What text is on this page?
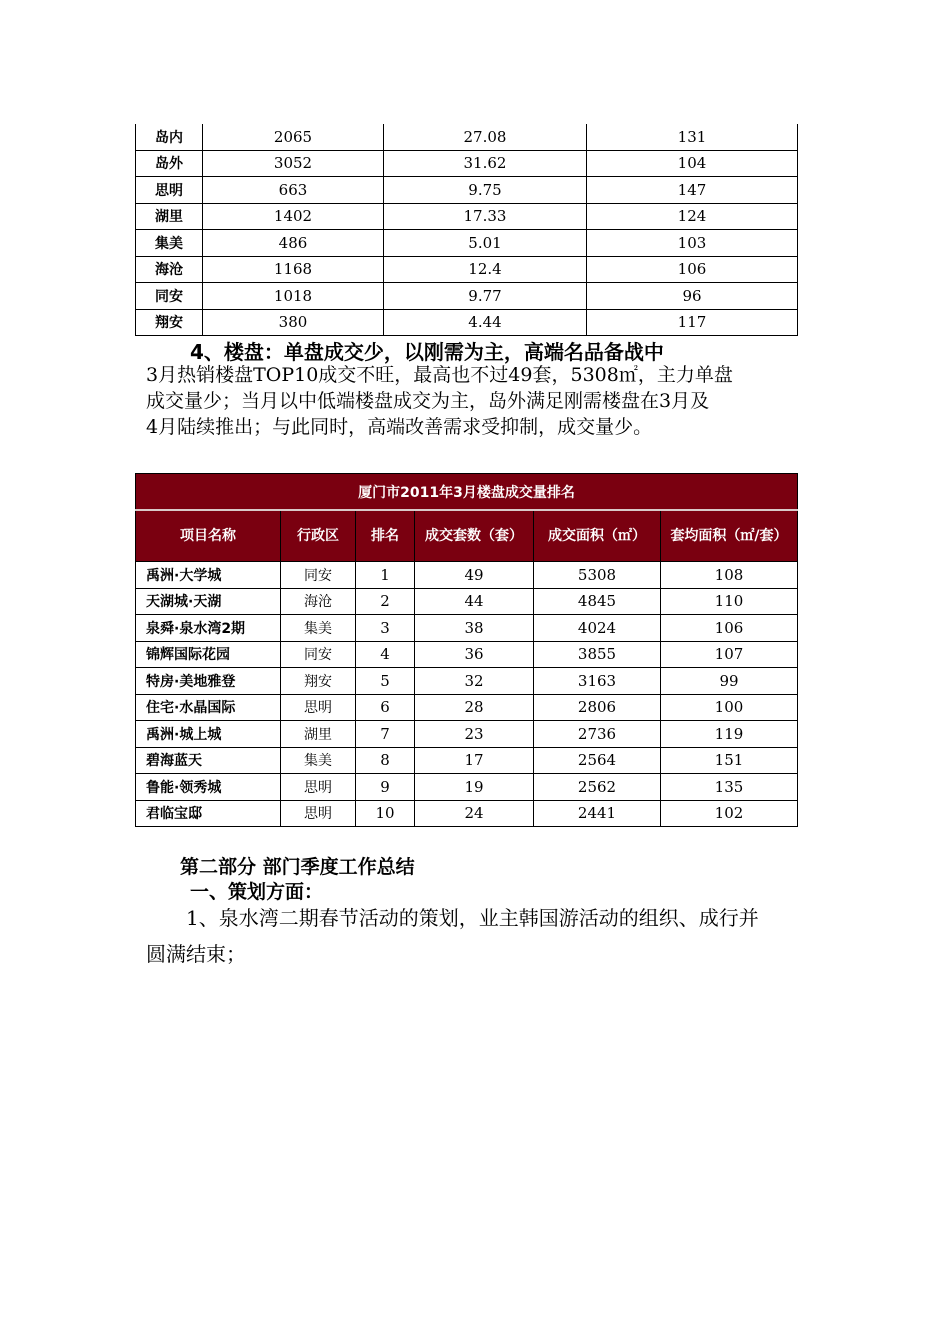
岛内	2065	27.08	131
岛外	3052	31.62	104
思明	663	9.75	147
湖里	1402	17.33	124
集美	486	5.01	103
海沧	1168	12.4	106
同安	1018	9.77	96
翔安	380	4.44	117
4、楼盘：单盘成交少，以刚需为主，高端名品备战中
3月热销楼盘TOP10成交不旺，最高也不过49套，5308㎡，主力单盘
成交量少；当月以中低端楼盘成交为主，岛外满足刚需楼盘在3月及
4月陆续推出；与此同时，高端改善需求受抑制，成交量少。
厦门市2011年3月楼盘成交量排名					
项目名称	行政区	排名	成交套数（套）	成交面积（㎡）	套均面积（㎡/套）
禹洲·大学城	同安	1	49	5308	108
天湖城·天湖	海沧	2	44	4845	110
泉舜·泉水湾2期	集美	3	38	4024	106
锦辉国际花园	同安	4	36	3855	107
特房·美地雅登	翔安	5	32	3163	99
住宅·水晶国际	思明	6	28	2806	100
禹洲·城上城	湖里	7	23	2736	119
碧海蓝天	集美	8	17	2564	151
鲁能·领秀城	思明	9	19	2562	135
君临宝邸	思明	10	24	2441	102
第二部分 部门季度工作总结
一、策划方面：
1、泉水湾二期春节活动的策划，业主韩国游活动的组织、成行并
圆满结束；
